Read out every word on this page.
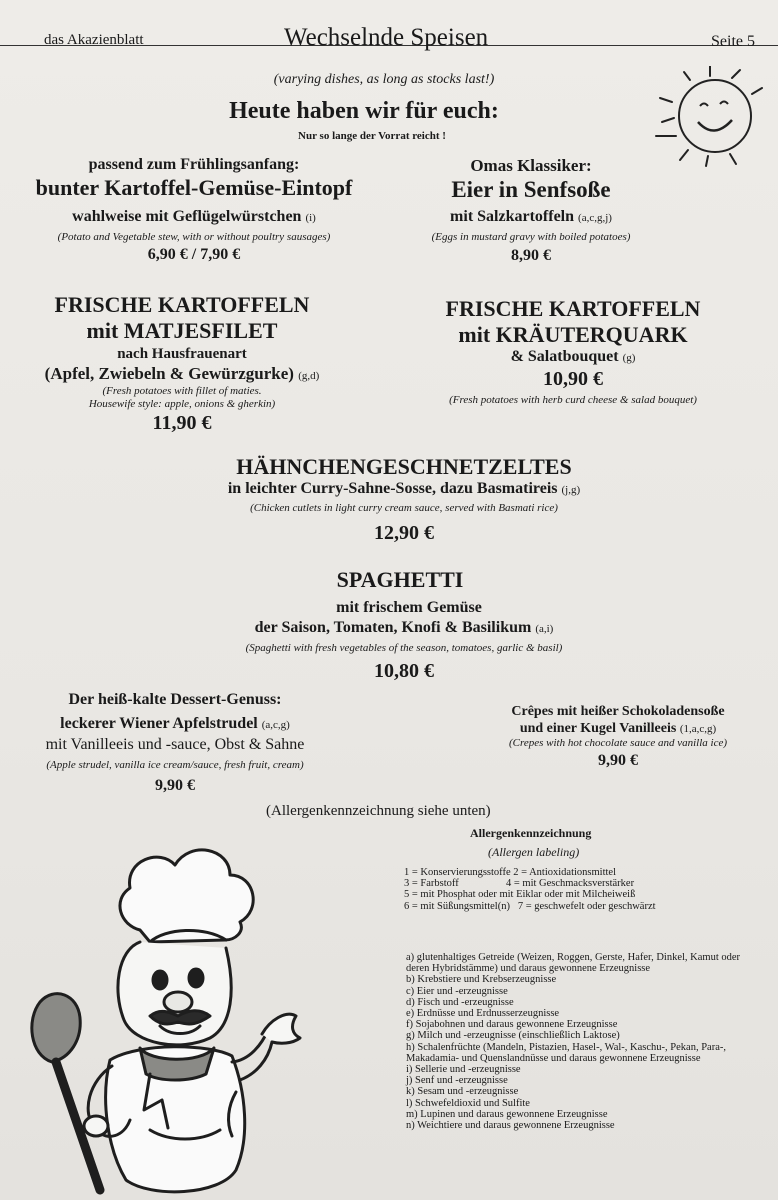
das Akazienblatt	Wechselnde Speisen	Seite 5
(varying dishes, as long as stocks last!)
Heute haben wir für euch:
Nur so lange der Vorrat reicht !
passend zum Frühlingsanfang:
bunter Kartoffel-Gemüse-Eintopf
wahlweise mit Geflügelwürstchen (i)
(Potato and Vegetable stew, with or without poultry sausages)
6,90 € / 7,90 €
Omas Klassiker:
Eier in Senfsoße
mit Salzkartoffeln (a,c,g,j)
(Eggs in mustard gravy with boiled potatoes)
8,90 €
FRISCHE KARTOFFELN
mit MATJESFILET
nach Hausfrauenart
(Apfel, Zwiebeln & Gewürzgurke) (g,d)
(Fresh potatoes with fillet of maties.
Housewife style: apple, onions & gherkin)
11,90 €
FRISCHE KARTOFFELN
mit KRÄUTERQUARK
& Salatbouquet (g)
10,90 €
(Fresh potatoes with herb curd cheese & salad bouquet)
HÄHNCHENGESCHNETZELTES
in leichter Curry-Sahne-Sosse, dazu Basmatireis (j,g)
(Chicken cutlets in light curry cream sauce, served with Basmati rice)
12,90 €
SPAGHETTI
mit frischem Gemüse
der Saison, Tomaten, Knofi & Basilikum (a,i)
(Spaghetti with fresh vegetables of the season, tomatoes, garlic & basil)
10,80 €
Der heiß-kalte Dessert-Genuss:
leckerer Wiener Apfelstrudel (a,c,g)
mit Vanilleeis und -sauce, Obst & Sahne
(Apple strudel, vanilla ice cream/sauce, fresh fruit, cream)
9,90 €
Crêpes mit heißer Schokoladensoße
und einer Kugel Vanilleeis (1,a,c,g)
(Crepes with hot chocolate sauce and vanilla ice)
9,90 €
(Allergenkennzeichnung siehe unten)
Allergenkennzeichnung
(Allergen labeling)
1 = Konservierungsstoffe 2 = Antioxidationsmittel
3 = Farbstoff                  4 = mit Geschmacksverstärker
5 = mit Phosphat oder mit Eiklar oder mit Milcheiweiß
6 = mit Süßungsmittel(n)   7 = geschwefelt oder geschwärzt
a) glutenhaltiges Getreide (Weizen, Roggen, Gerste, Hafer, Dinkel, Kamut oder
deren Hybridstämme) und daraus gewonnene Erzeugnisse
b) Krebstiere und Krebserzeugnisse
c) Eier und -erzeugnisse
d) Fisch und -erzeugnisse
e) Erdnüsse und Erdnusserzeugnisse
f) Sojabohnen und daraus gewonnene Erzeugnisse
g) Milch und -erzeugnisse (einschließlich Laktose)
h) Schalenfrüchte (Mandeln, Pistazien, Hasel-, Wal-, Kaschu-, Pekan, Para-,
Makadamia- und Quenslandnüsse und daraus gewonnene Erzeugnisse
i) Sellerie und -erzeugnisse
j) Senf und -erzeugnisse
k) Sesam und -erzeugnisse
l) Schwefeldioxid und Sulfite
m) Lupinen und daraus gewonnene Erzeugnisse
n) Weichtiere und daraus gewonnene Erzeugnisse
